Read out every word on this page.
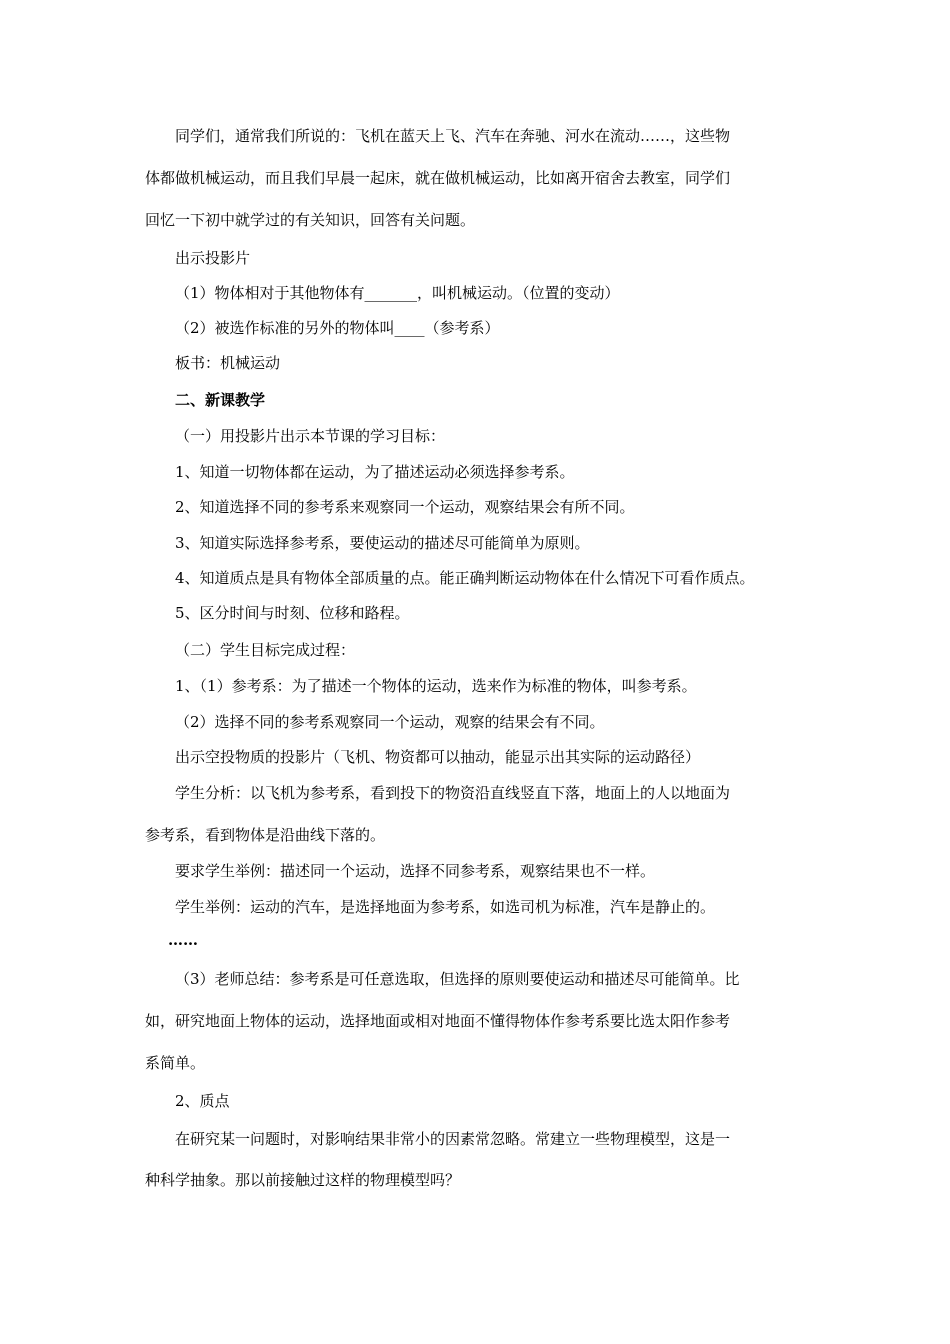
同学们，通常我们所说的：飞机在蓝天上飞、汽车在奔驰、河水在流动……，这些物
体都做机械运动，而且我们早晨一起床，就在做机械运动，比如离开宿舍去教室，同学们
回忆一下初中就学过的有关知识，回答有关问题。
出示投影片
（1）物体相对于其他物体有_______，叫机械运动。（位置的变动）
（2）被选作标准的另外的物体叫____（参考系）
板书：机械运动
二、新课教学
（一）用投影片出示本节课的学习目标：
1、知道一切物体都在运动，为了描述运动必须选择参考系。
2、知道选择不同的参考系来观察同一个运动，观察结果会有所不同。
3、知道实际选择参考系，要使运动的描述尽可能简单为原则。
4、知道质点是具有物体全部质量的点。能正确判断运动物体在什么情况下可看作质点。
5、区分时间与时刻、位移和路程。
（二）学生目标完成过程：
1、（1）参考系：为了描述一个物体的运动，选来作为标准的物体，叫参考系。
（2）选择不同的参考系观察同一个运动，观察的结果会有不同。
出示空投物质的投影片（飞机、物资都可以抽动，能显示出其实际的运动路径）
学生分析：以飞机为参考系，看到投下的物资沿直线竖直下落，地面上的人以地面为
参考系，看到物体是沿曲线下落的。
要求学生举例：描述同一个运动，选择不同参考系，观察结果也不一样。
学生举例：运动的汽车，是选择地面为参考系，如选司机为标准，汽车是静止的。
……
（3）老师总结：参考系是可任意选取，但选择的原则要使运动和描述尽可能简单。比
如，研究地面上物体的运动，选择地面或相对地面不懂得物体作参考系要比选太阳作参考
系简单。
2、质点
在研究某一问题时，对影响结果非常小的因素常忽略。常建立一些物理模型，这是一
种科学抽象。那以前接触过这样的物理模型吗？
